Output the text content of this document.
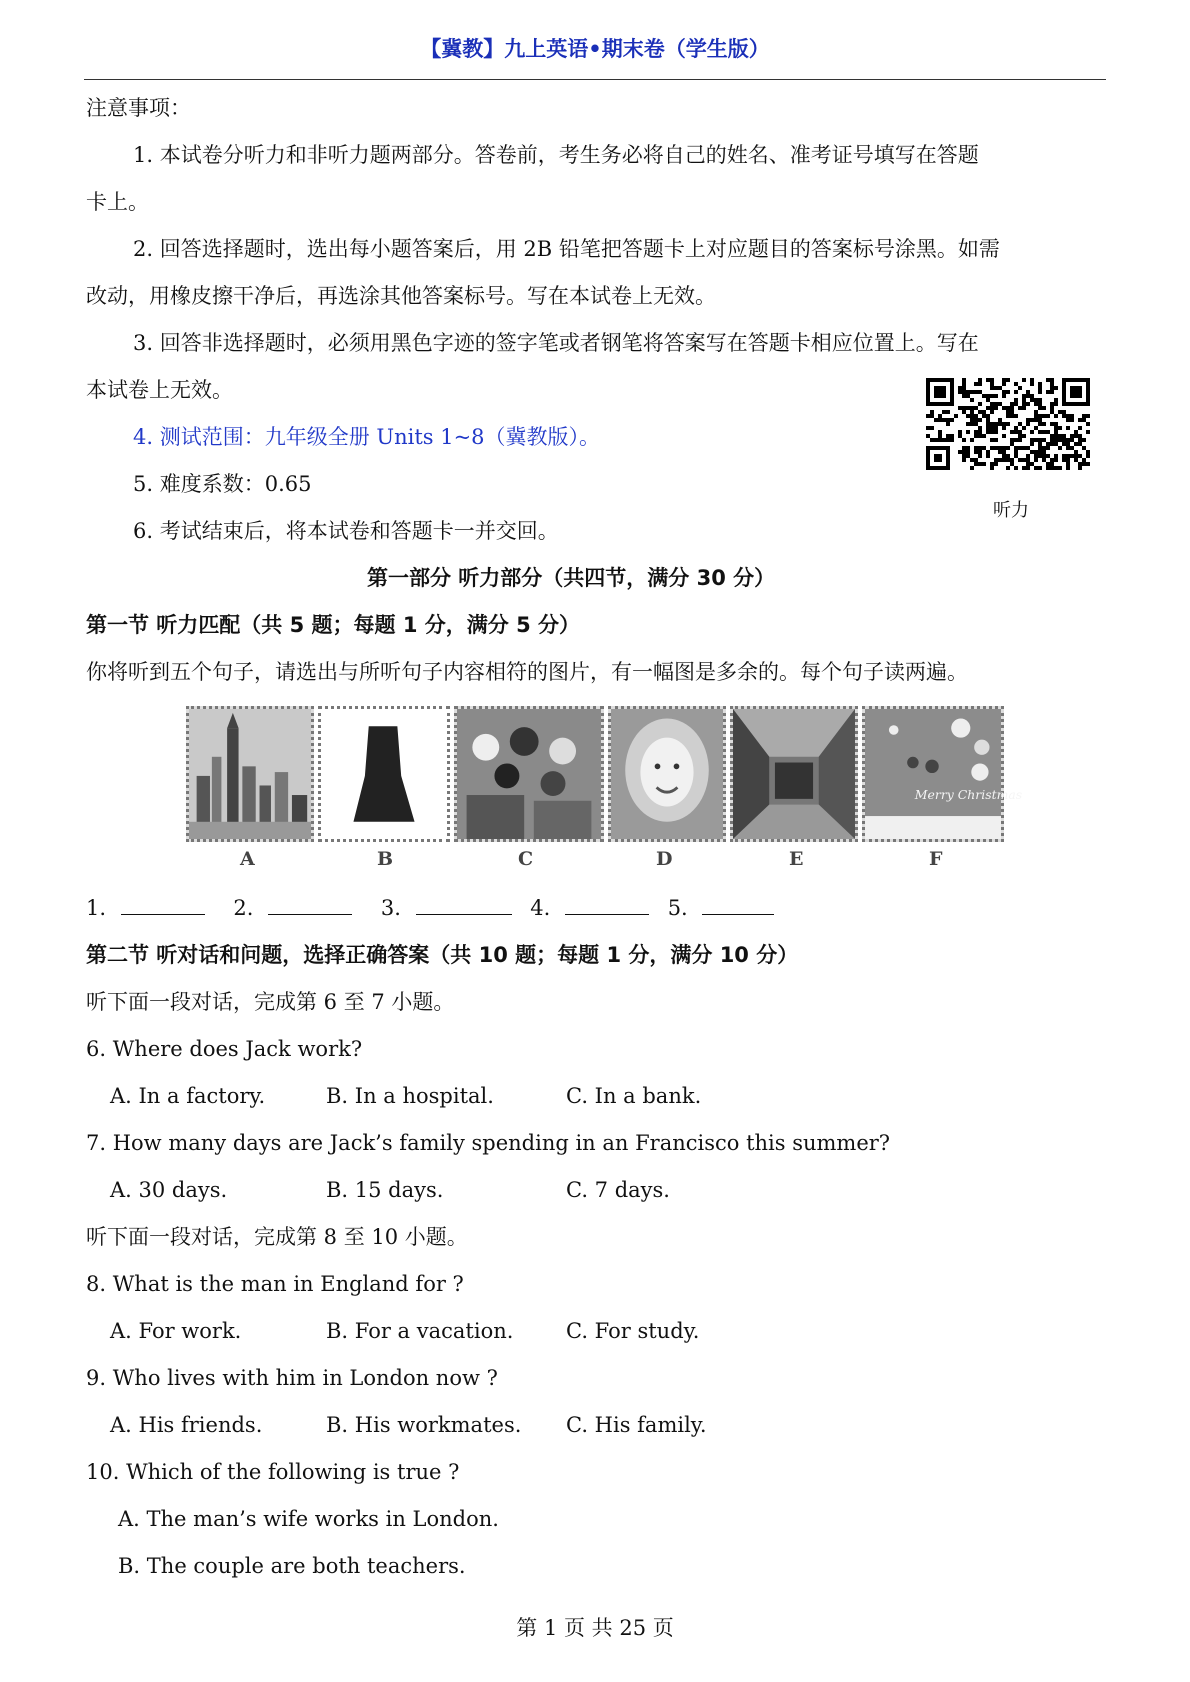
【冀教】九上英语•期末卷（学生版）
注意事项：
1. 本试卷分听力和非听力题两部分。答卷前，考生务必将自己的姓名、准考证号填写在答题
卡上。
2. 回答选择题时，选出每小题答案后，用 2B 铅笔把答题卡上对应题目的答案标号涂黑。如需
改动，用橡皮擦干净后，再选涂其他答案标号。写在本试卷上无效。
3. 回答非选择题时，必须用黑色字迹的签字笔或者钢笔将答案写在答题卡相应位置上。写在
本试卷上无效。
4. 测试范围：九年级全册 Units 1~8（冀教版）。
5. 难度系数：0.65
6. 考试结束后，将本试卷和答题卡一并交回。
听力
第一部分 听力部分（共四节，满分 30 分）
第一节 听力匹配（共 5 题；每题 1 分，满分 5 分）
你将听到五个句子，请选出与所听句子内容相符的图片，有一幅图是多余的。每个句子读两遍。
Merry Christmas
A	B	C	D	E	F
1.	2.	3.	4.	5.
第二节 听对话和问题，选择正确答案（共 10 题；每题 1 分，满分 10 分）
听下面一段对话，完成第 6 至 7 小题。
6. Where does Jack work?
A. In a factory.	B. In a hospital.	C. In a bank.
7. How many days are Jack’s family spending in an Francisco this summer?
A. 30 days.	B. 15 days.	C. 7 days.
听下面一段对话，完成第 8 至 10 小题。
8. What is the man in England for ?
A. For work.	B. For a vacation.	C. For study.
9. Who lives with him in London now ?
A. His friends.	B. His workmates. C. His family.
10. Which of the following is true ?
A. The man’s wife works in London.
B. The couple are both teachers.
第 1 页 共 25 页
